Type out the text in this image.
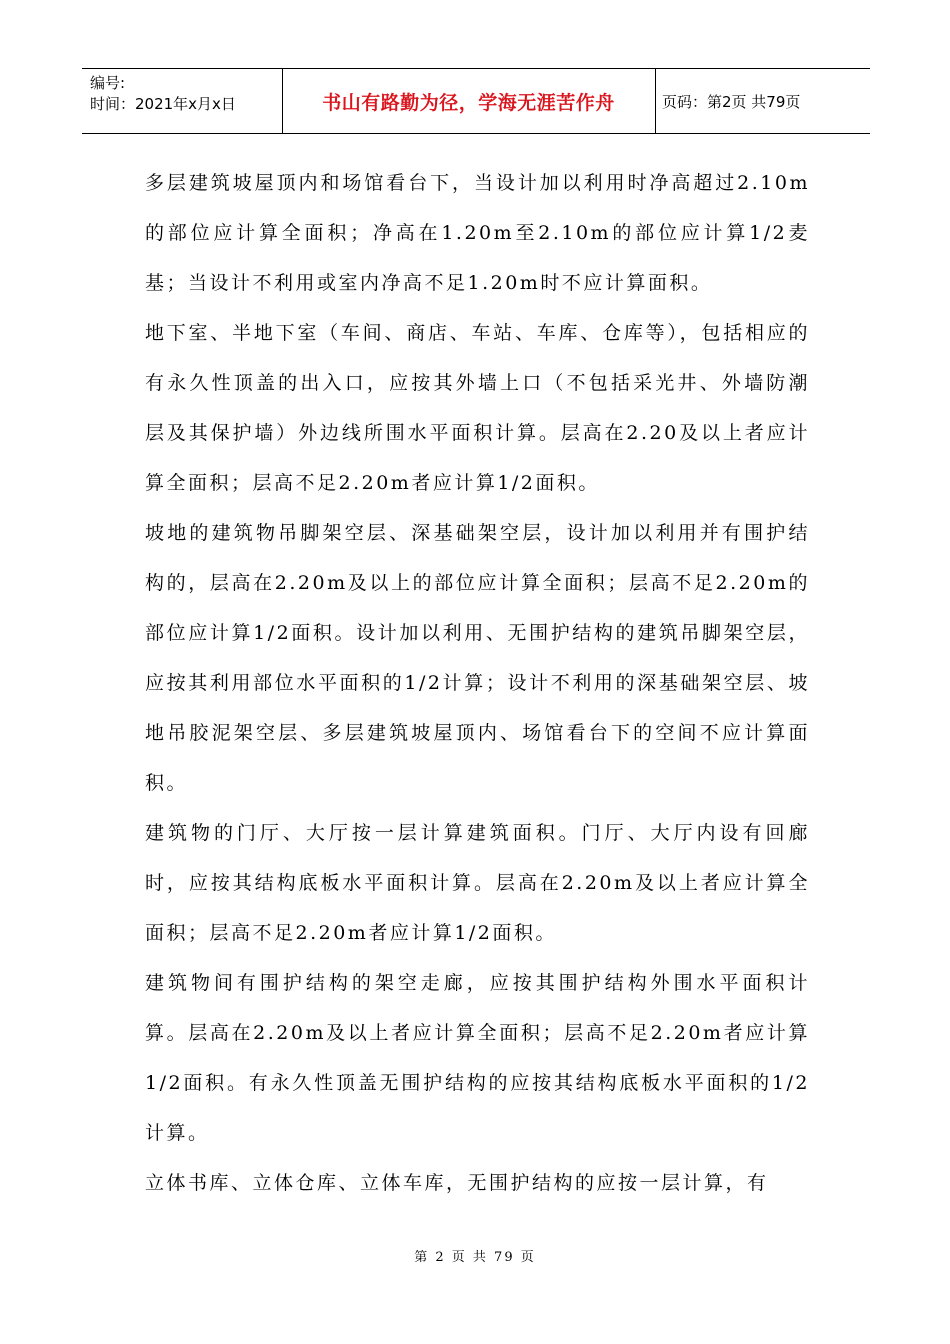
编号:
时间：2021年x月x日	书山有路勤为径，学海无涯苦作舟	页码：第2页 共79页

多层建筑坡屋顶内和场馆看台下，当设计加以利用时净高超过2.10m的部位应计算全面积；净高在1.20m至2.10m的部位应计算1/2麦基；当设计不利用或室内净高不足1.20m时不应计算面积。

地下室、半地下室（车间、商店、车站、车库、仓库等），包括相应的有永久性顶盖的出入口，应按其外墙上口（不包括采光井、外墙防潮层及其保护墙）外边线所围水平面积计算。层高在2.20及以上者应计算全面积；层高不足2.20m者应计算1/2面积。

坡地的建筑物吊脚架空层、深基础架空层，设计加以利用并有围护结构的，层高在2.20m及以上的部位应计算全面积；层高不足2.20m的部位应计算1/2面积。设计加以利用、无围护结构的建筑吊脚架空层，应按其利用部位水平面积的1/2计算；设计不利用的深基础架空层、坡地吊胶泥架空层、多层建筑坡屋顶内、场馆看台下的空间不应计算面积。

建筑物的门厅、大厅按一层计算建筑面积。门厅、大厅内设有回廊时，应按其结构底板水平面积计算。层高在2.20m及以上者应计算全面积；层高不足2.20m者应计算1/2面积。

建筑物间有围护结构的架空走廊，应按其围护结构外围水平面积计算。层高在2.20m及以上者应计算全面积；层高不足2.20m者应计算1/2面积。有永久性顶盖无围护结构的应按其结构底板水平面积的1/2计算。

立体书库、立体仓库、立体车库，无围护结构的应按一层计算，有

第 2 页 共 79 页
